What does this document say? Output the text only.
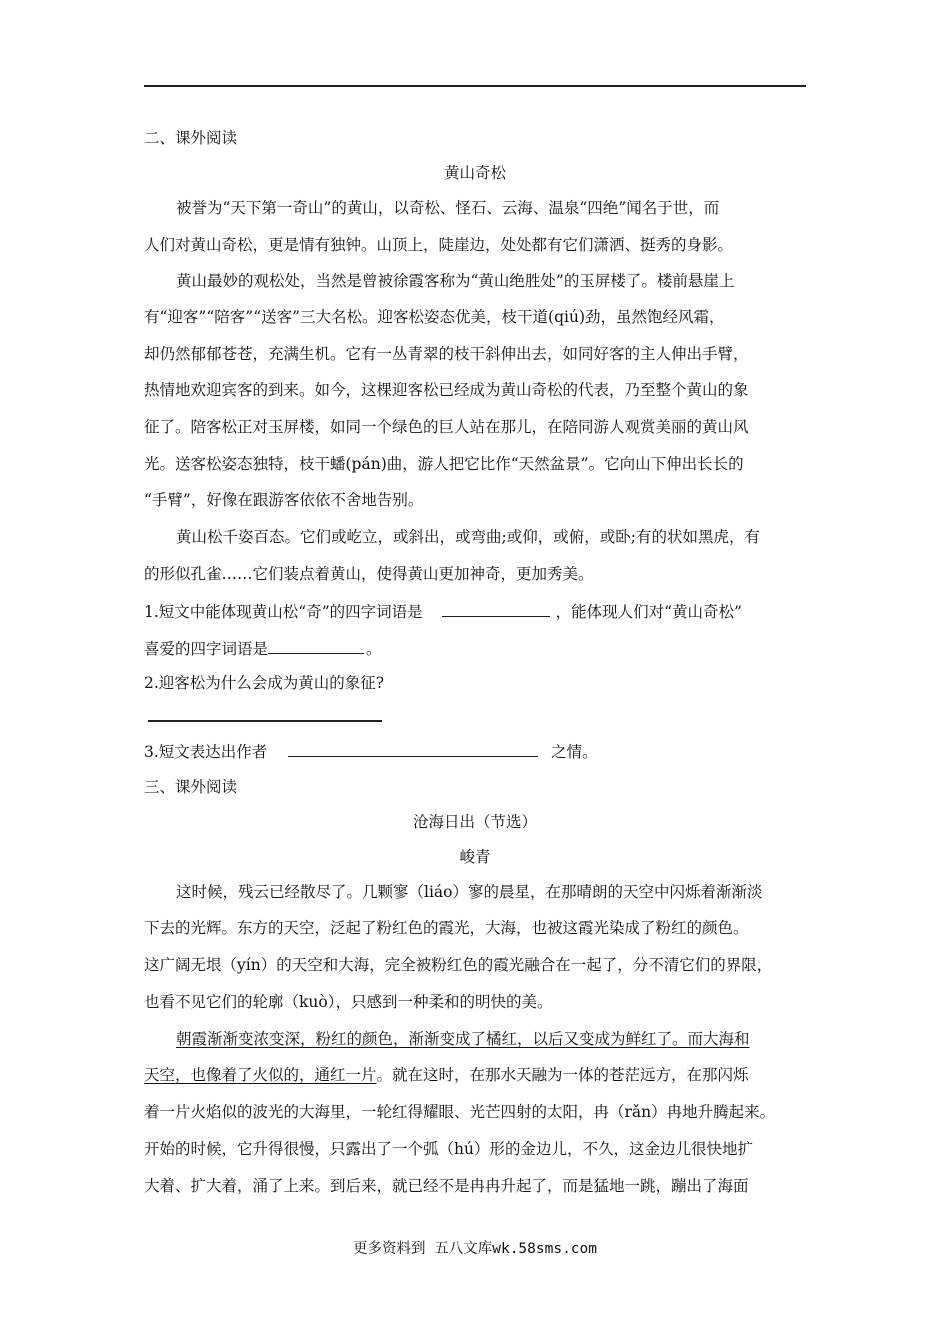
二、课外阅读
黄山奇松
被誉为“天下第一奇山”的黄山，以奇松、怪石、云海、温泉“四绝”闻名于世，而
人们对黄山奇松，更是情有独钟。山顶上，陡崖边，处处都有它们潇洒、挺秀的身影。
黄山最妙的观松处，当然是曾被徐霞客称为“黄山绝胜处”的玉屏楼了。楼前悬崖上
有“迎客”“陪客”“送客”三大名松。迎客松姿态优美，枝干道(qiú)劲，虽然饱经风霜，
却仍然郁郁苍苍，充满生机。它有一丛青翠的枝干斜伸出去，如同好客的主人伸出手臂，
热情地欢迎宾客的到来。如今，这棵迎客松已经成为黄山奇松的代表，乃至整个黄山的象
征了。陪客松正对玉屏楼，如同一个绿色的巨人站在那儿，在陪同游人观赏美丽的黄山风
光。送客松姿态独特，枝干蟠(pán)曲，游人把它比作“天然盆景”。它向山下伸出长长的
“手臂”，好像在跟游客依依不舍地告别。
黄山松千姿百态。它们或屹立，或斜出，或弯曲;或仰，或俯，或卧;有的状如黑虎，有
的形似孔雀……它们装点着黄山，使得黄山更加神奇，更加秀美。
1.短文中能体现黄山松“奇”的四字词语是	，能体现人们对“黄山奇松”
喜爱的四字词语是	。
2.迎客松为什么会成为黄山的象征?
3.短文表达出作者	之情。
三、课外阅读
沧海日出（节选）
峻青
这时候，残云已经散尽了。几颗寥（liáo）寥的晨星，在那晴朗的天空中闪烁着渐渐淡
下去的光辉。东方的天空，泛起了粉红色的霞光，大海，也被这霞光染成了粉红的颜色。
这广阔无垠（yín）的天空和大海，完全被粉红色的霞光融合在一起了，分不清它们的界限，
也看不见它们的轮廓（kuò），只感到一种柔和的明快的美。
朝霞渐渐变浓变深，粉红的颜色，渐渐变成了橘红，以后又变成为鲜红了。而大海和
天空，也像着了火似的，通红一片。就在这时，在那水天融为一体的苍茫远方，在那闪烁
着一片火焰似的波光的大海里，一轮红得耀眼、光芒四射的太阳，冉（rǎn）冉地升腾起来。
开始的时候，它升得很慢，只露出了一个弧（hú）形的金边儿，不久，这金边儿很快地扩
大着、扩大着，涌了上来。到后来，就已经不是冉冉升起了，而是猛地一跳，蹦出了海面
更多资料到 五八文库wk.58sms.com
